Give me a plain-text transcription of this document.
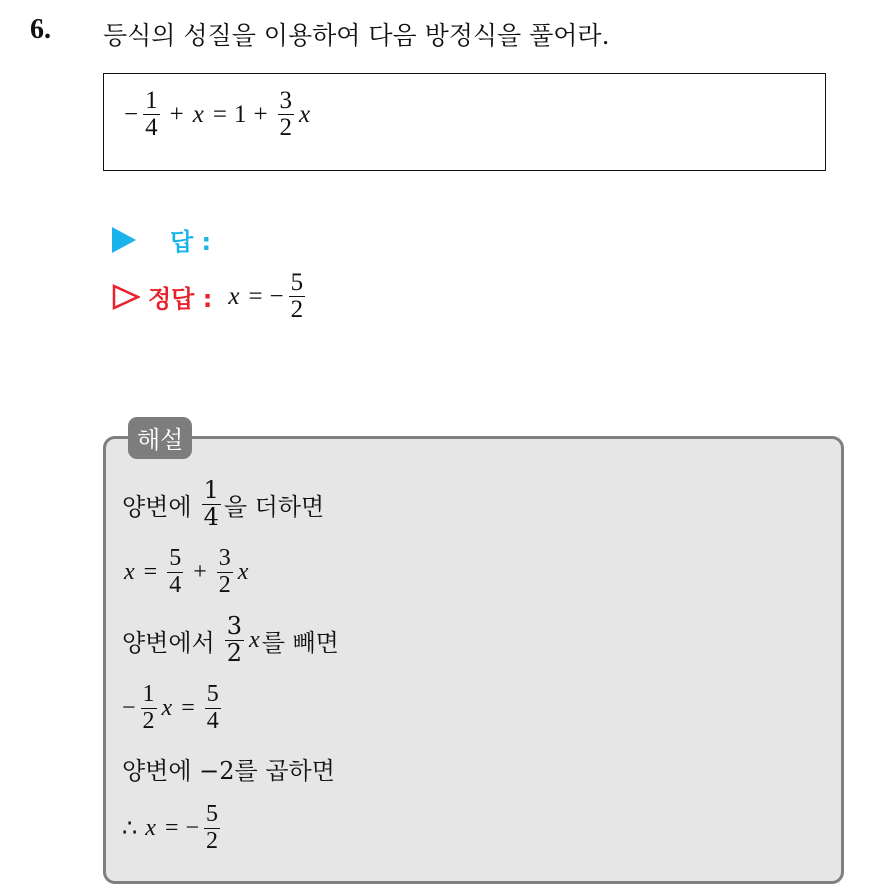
6. 등식의 성질을 이용하여 다음 방정식을 풀어라.
− $\frac{1}{4} + x = 1 + \frac{3}{2}$ x
답 :
정답 : x = − $\frac{5}{2}$
해설
양변에 $\frac{1}{4}$ 을 더하면
$x = \frac{5}{4} + \frac{3}{2}$ x
양변에서 $\frac{3}{2}$ x 를 빼면
− $\frac{1}{2}$ $x = \frac{5}{4}$
양변에 −2를 곱하면
∴ x = − $\frac{5}{2}$
